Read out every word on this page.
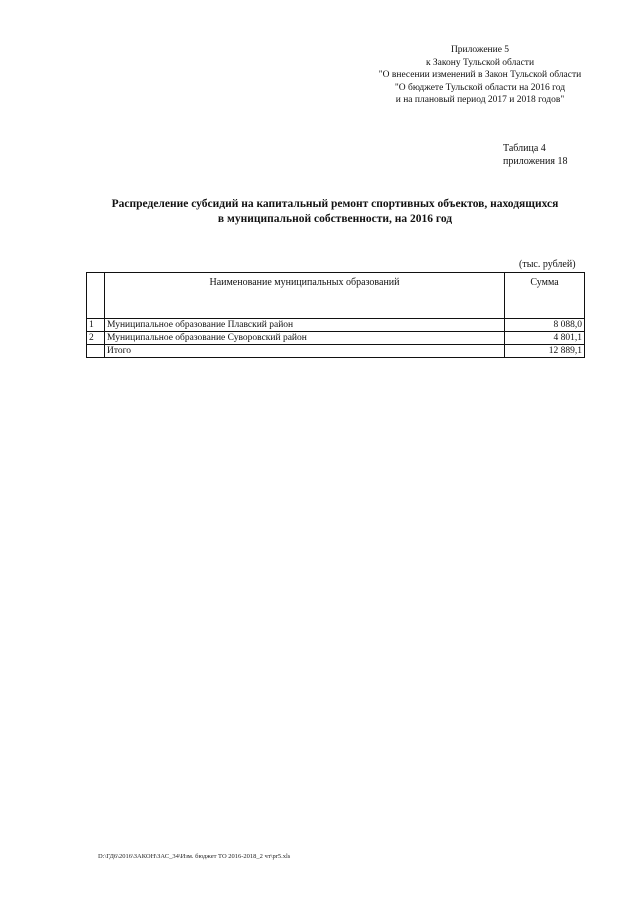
Приложение 5
к Закону Тульской области
"О внесении изменений в Закон Тульской области
"О бюджете Тульской области на 2016 год
и на плановый период 2017 и 2018 годов"
Таблица 4
приложения 18
Распределение субсидий на капитальный ремонт спортивных объектов, находящихся
в муниципальной собственности, на 2016 год
(тыс. рублей)
	Наименование муниципальных образований	Сумма
1	Муниципальное образование Плавский район	8 088,0
2	Муниципальное образование Суворовский район	4 801,1
	Итого	12 889,1
D:\ГД6\2016\ЗАКОН\ЗАС_34\Изм. бюджет ТО 2016-2018_2 чт\pr5.xls
